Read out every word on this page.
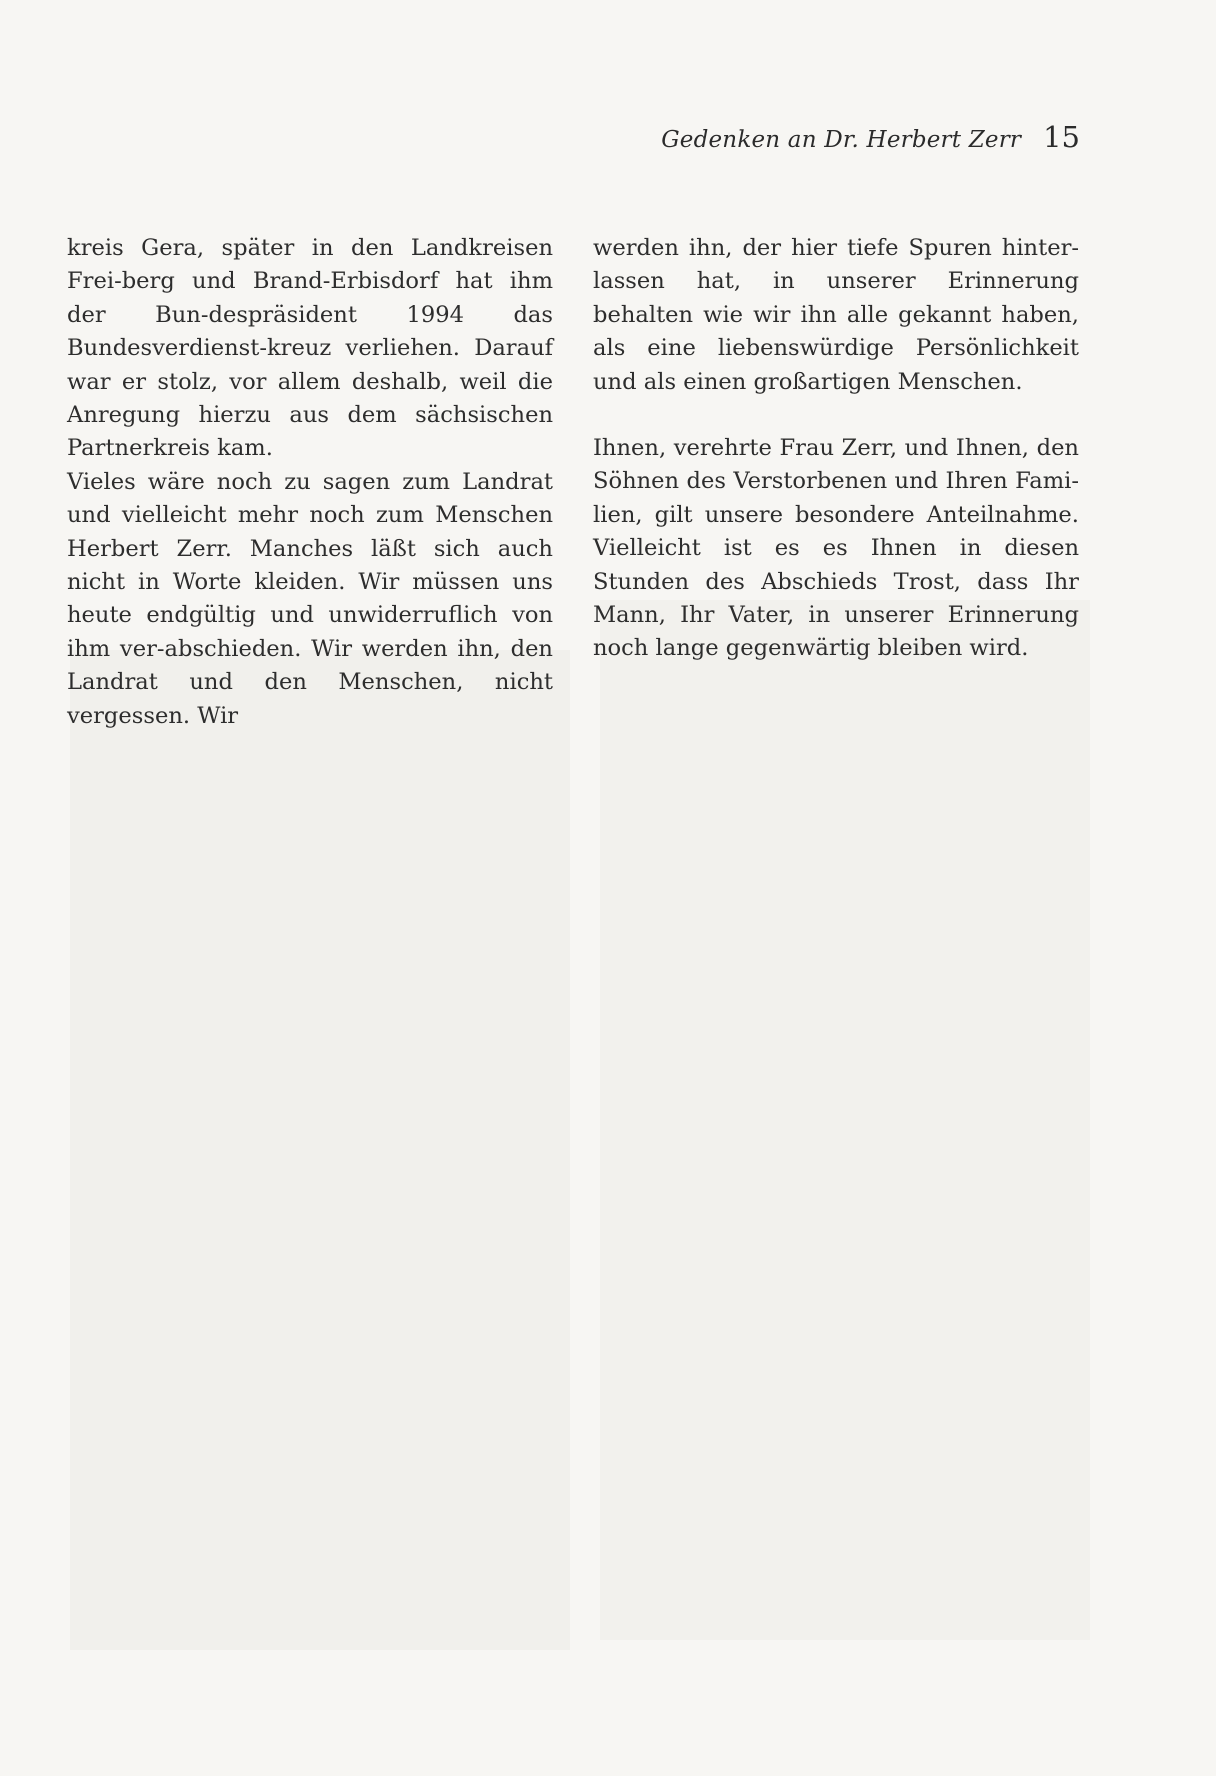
Gedenken an Dr. Herbert Zerr 15

kreis Gera, später in den Landkreisen Frei-berg und Brand-Erbisdorf hat ihm der Bun-despräsident 1994 das Bundesverdienst-kreuz verliehen. Darauf war er stolz, vor allem deshalb, weil die Anregung hierzu aus dem sächsischen Partnerkreis kam.

Vieles wäre noch zu sagen zum Landrat und vielleicht mehr noch zum Menschen Herbert Zerr. Manches läßt sich auch nicht in Worte kleiden. Wir müssen uns heute endgültig und unwiderruflich von ihm ver-abschieden. Wir werden ihn, den Landrat und den Menschen, nicht vergessen. Wir

werden ihn, der hier tiefe Spuren hinter-lassen hat, in unserer Erinnerung behalten wie wir ihn alle gekannt haben, als eine liebenswürdige Persönlichkeit und als einen großartigen Menschen.

Ihnen, verehrte Frau Zerr, und Ihnen, den Söhnen des Verstorbenen und Ihren Fami-lien, gilt unsere besondere Anteilnahme. Vielleicht ist es es Ihnen in diesen Stunden des Abschieds Trost, dass Ihr Mann, Ihr Vater, in unserer Erinnerung noch lange gegenwärtig bleiben wird.
